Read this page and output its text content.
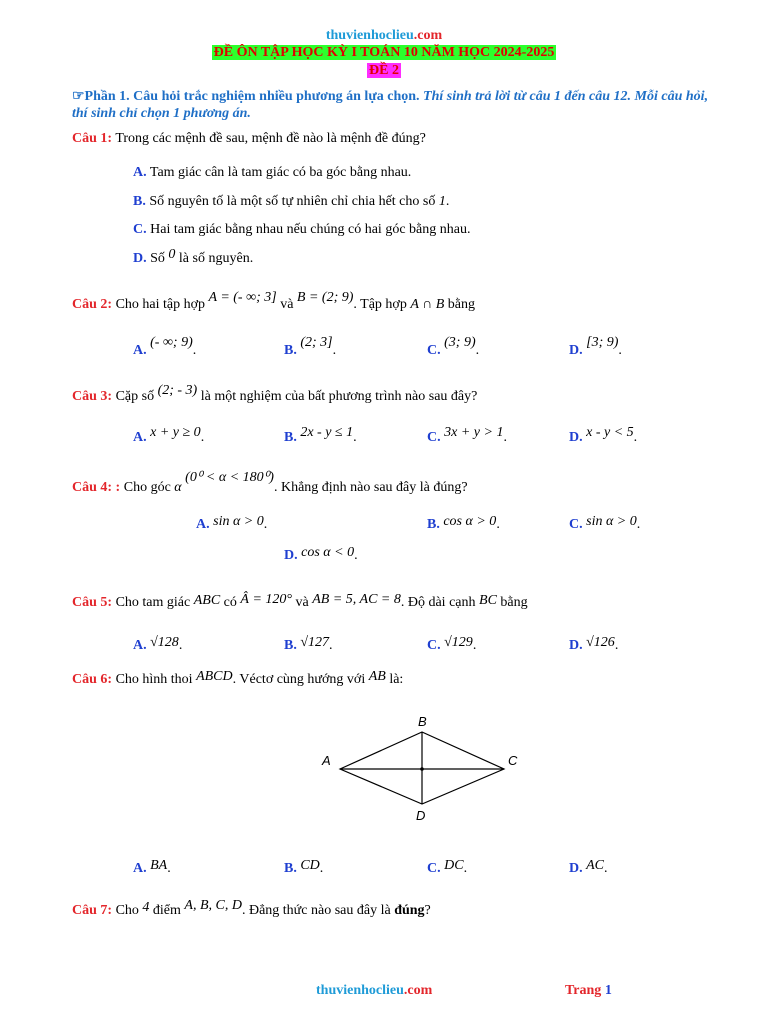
thuvienhoclieu.com
ĐỀ ÔN TẬP HỌC KỲ I TOÁN 10 NĂM HỌC 2024-2025
ĐỀ 2
☞Phần 1. Câu hỏi trắc nghiệm nhiều phương án lựa chọn. Thí sinh trả lời từ câu 1 đến câu 12. Mỗi câu hỏi,
thí sinh chỉ chọn 1 phương án.
Câu 1: Trong các mệnh đề sau, mệnh đề nào là mệnh đề đúng?
A. Tam giác cân là tam giác có ba góc bằng nhau.
B. Số nguyên tố là một số tự nhiên chỉ chia hết cho số 1.
C. Hai tam giác bằng nhau nếu chúng có hai góc bằng nhau.
D. Số 0 là số nguyên.
Câu 2: Cho hai tập hợp A = (- ∞; 3] và B = (2; 9). Tập hợp A ∩ B bằng
A. (- ∞; 9).	B. (2; 3].	C. (3; 9).	D. [3; 9).
Câu 3: Cặp số (2; - 3) là một nghiệm của bất phương trình nào sau đây?
A. x + y ≥ 0.	B. 2x - y ≤ 1.	C. 3x + y > 1.	D. x - y < 5.
Câu 4: : Cho góc α (0⁰ < α < 180⁰). Khẳng định nào sau đây là đúng?
A. sin α > 0.	B. cos α > 0.	C. sin α > 0.
D. cos α < 0.
Câu 5: Cho tam giác ABC có Â = 120° và AB = 5, AC = 8. Độ dài cạnh BC bằng
A. √128.	B. √127.	C. √129.	D. √126.
Câu 6: Cho hình thoi ABCD. Véctơ cùng hướng với AB là:
B
A	C
D
A. BA.	B. CD.	C. DC.	D. AC.
Câu 7: Cho 4 điểm A, B, C, D. Đẳng thức nào sau đây là đúng?
thuvienhoclieu.com	Trang 1
